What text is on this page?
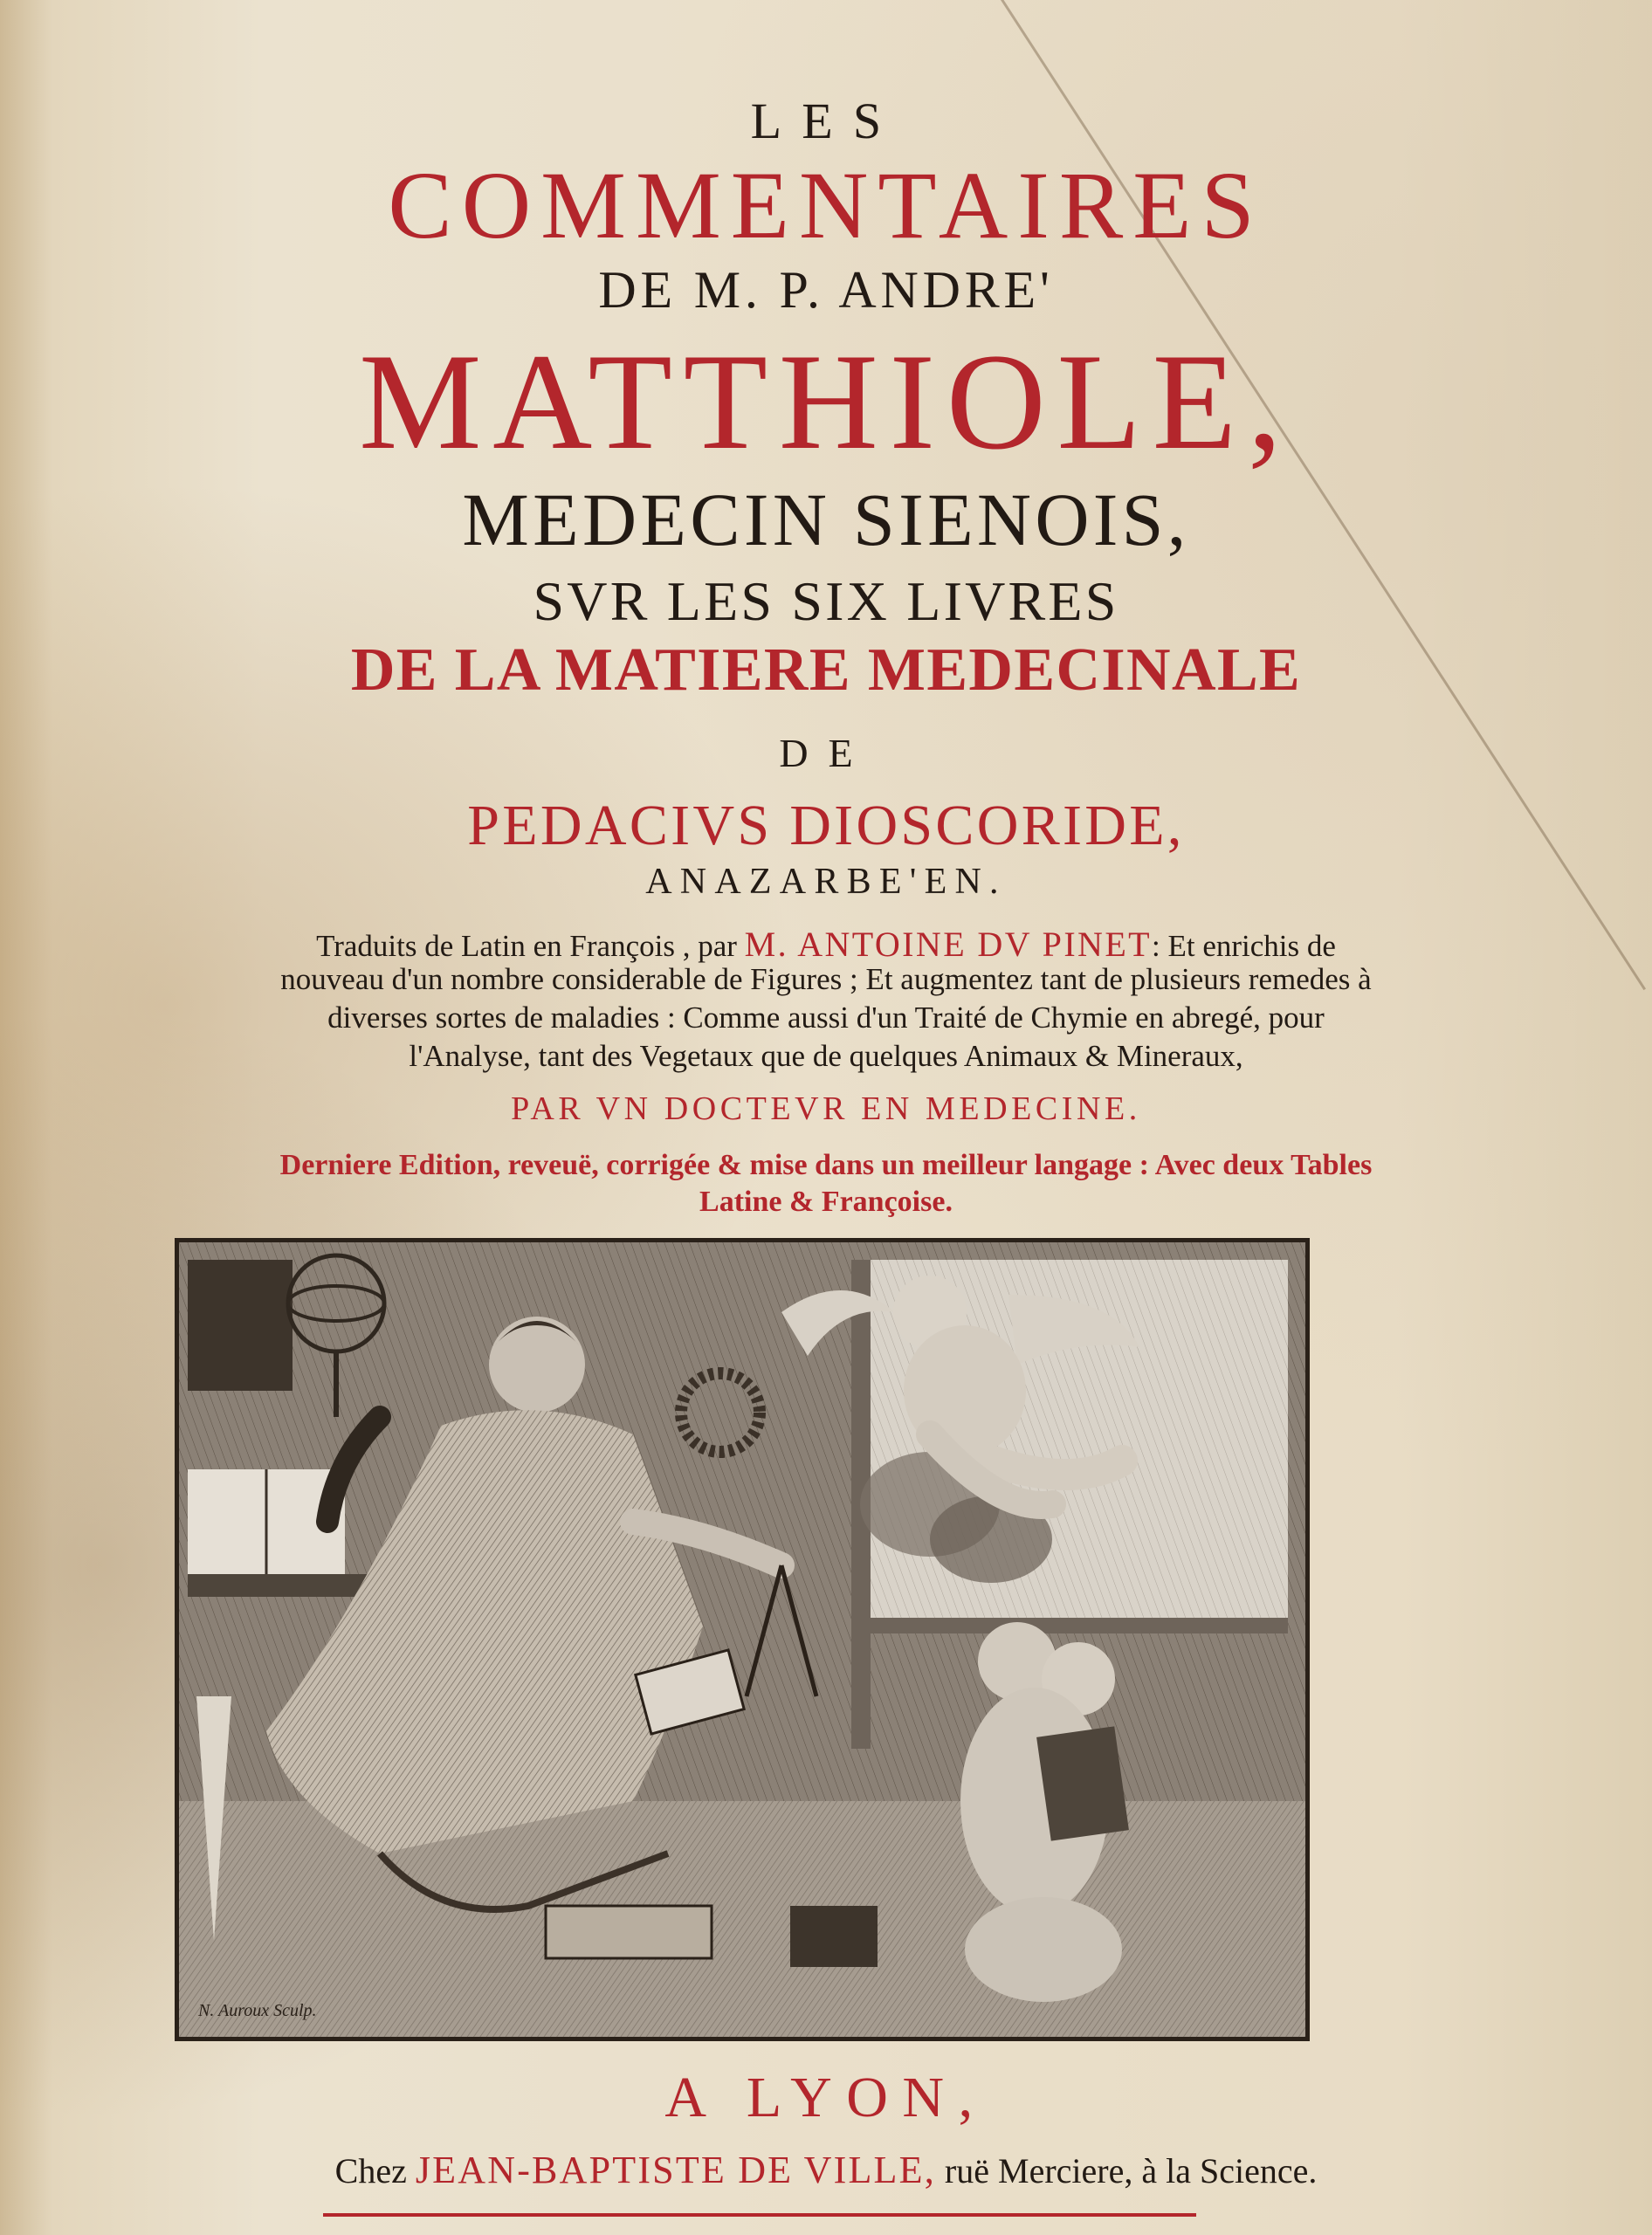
LES
COMMENTAIRES
DE M. P. ANDRE'
MATTHIOLE,
MEDECIN SIENOIS,
SVR LES SIX LIVRES
DE LA MATIERE MEDECINALE
DE
PEDACIVS DIOSCORIDE,
ANAZARBE'EN.
Traduits de Latin en François , par M. ANTOINE DV PINET: Et enrichis de
nouveau d'un nombre considerable de Figures ; Et augmentez tant de plusieurs remedes à
diverses sortes de maladies : Comme aussi d'un Traité de Chymie en abregé, pour
l'Analyse, tant des Vegetaux que de quelques Animaux & Mineraux,
PAR VN DOCTEVR EN MEDECINE.
Derniere Edition, reveuë, corrigée & mise dans un meilleur langage : Avec deux Tables
Latine & Françoise.
N. Auroux Sculp.
A LYON,
Chez JEAN-BAPTISTE DE VILLE, ruë Merciere, à la Science.
